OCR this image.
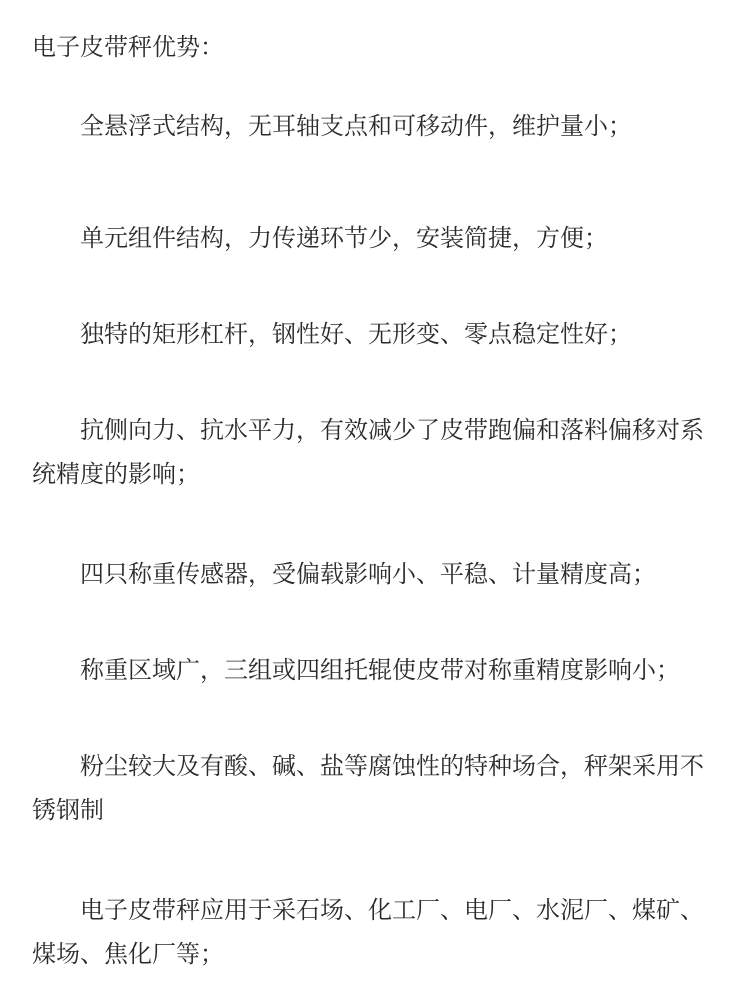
电子皮带秤优势：

全悬浮式结构，无耳轴支点和可移动件，维护量小；

单元组件结构，力传递环节少，安装简捷，方便；

独特的矩形杠杆，钢性好、无形变、零点稳定性好；

抗侧向力、抗水平力，有效减少了皮带跑偏和落料偏移对系统精度的影响；

四只称重传感器，受偏载影响小、平稳、计量精度高；

称重区域广，三组或四组托辊使皮带对称重精度影响小；

粉尘较大及有酸、碱、盐等腐蚀性的特种场合，秤架采用不锈钢制

电子皮带秤应用于采石场、化工厂、电厂、水泥厂、煤矿、煤场、焦化厂等；
